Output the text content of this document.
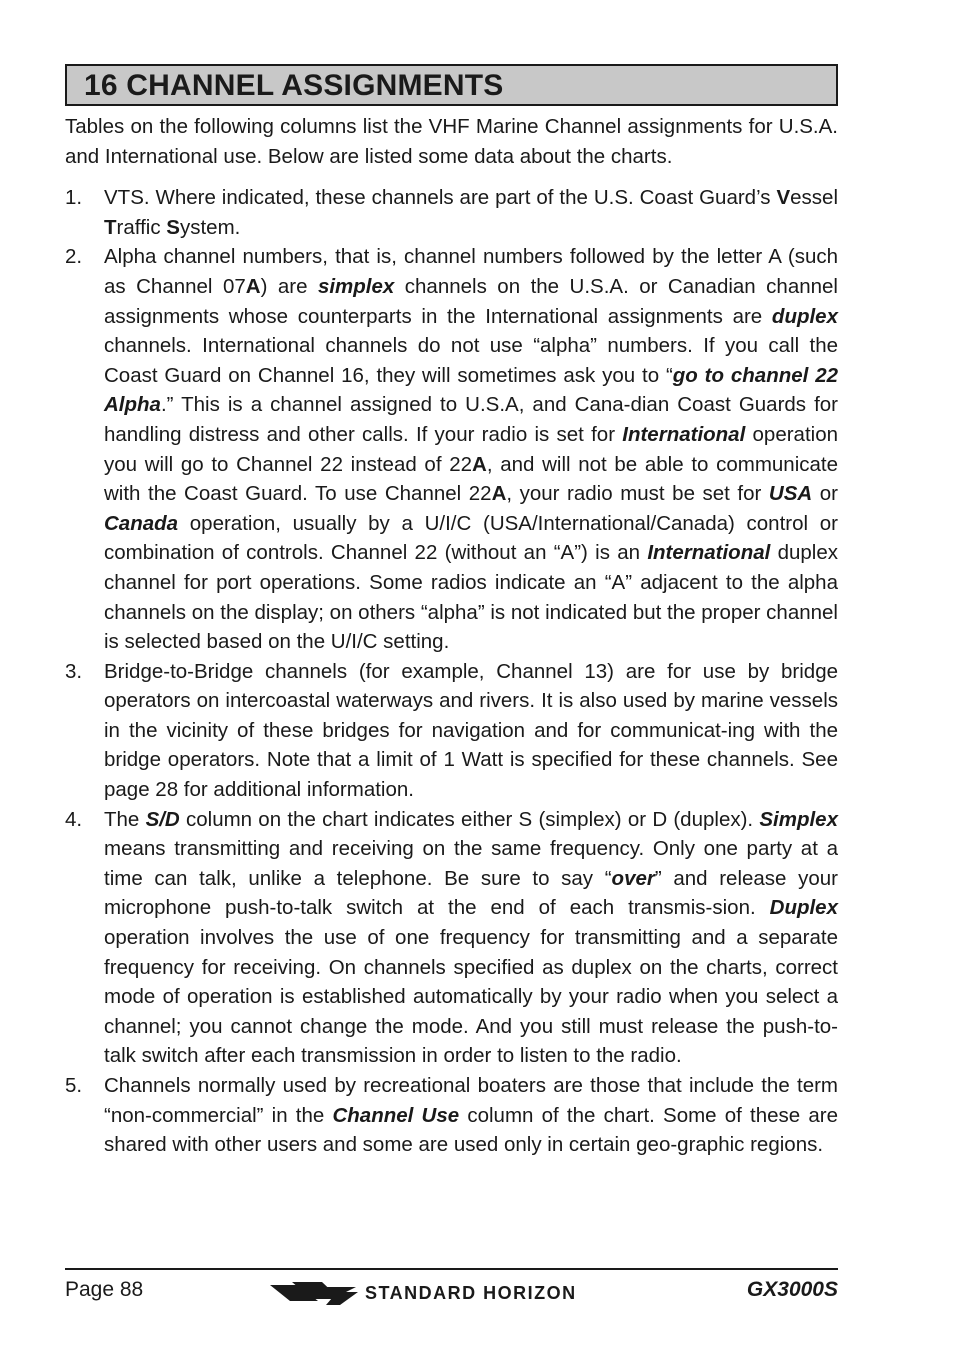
16 CHANNEL ASSIGNMENTS

Tables on the following columns list the VHF Marine Channel assignments for U.S.A. and International use. Below are listed some data about the charts.

1.	VTS. Where indicated, these channels are part of the U.S. Coast Guard’s Vessel Traffic System.
2.	Alpha channel numbers, that is, channel numbers followed by the letter A (such as Channel 07A) are simplex channels on the U.S.A. or Canadian channel assignments whose counterparts in the International assignments are duplex channels. International channels do not use “alpha” numbers. If you call the Coast Guard on Channel 16, they will sometimes ask you to “go to channel 22 Alpha.” This is a channel assigned to U.S.A, and Cana-dian Coast Guards for handling distress and other calls. If your radio is set for International operation you will go to Channel 22 instead of 22A, and will not be able to communicate with the Coast Guard. To use Channel 22A, your radio must be set for USA or Canada operation, usually by a U/I/C (USA/International/Canada) control or combination of controls. Channel 22 (without an “A”) is an International duplex channel for port operations. Some radios indicate an “A” adjacent to the alpha channels on the display; on others “alpha” is not indicated but the proper channel is selected based on the U/I/C setting.
3.	Bridge-to-Bridge channels (for example, Channel 13) are for use by bridge operators on intercoastal waterways and rivers. It is also used by marine vessels in the vicinity of these bridges for navigation and for communicat-ing with the bridge operators. Note that a limit of 1 Watt is specified for these channels. See page 28 for additional information.
4.	The S/D column on the chart indicates either S (simplex) or D (duplex). Simplex means transmitting and receiving on the same frequency. Only one party at a time can talk, unlike a telephone. Be sure to say “over” and release your microphone push-to-talk switch at the end of each transmis-sion. Duplex operation involves the use of one frequency for transmitting and a separate frequency for receiving. On channels specified as duplex on the charts, correct mode of operation is established automatically by your radio when you select a channel; you cannot change the mode. And you still must release the push-to-talk switch after each transmission in order to listen to the radio.
5.	Channels normally used by recreational boaters are those that include the term “non-commercial” in the Channel Use column of the chart. Some of these are shared with other users and some are used only in certain geo-graphic regions.
Page 88	STANDARD HORIZON	GX3000S
